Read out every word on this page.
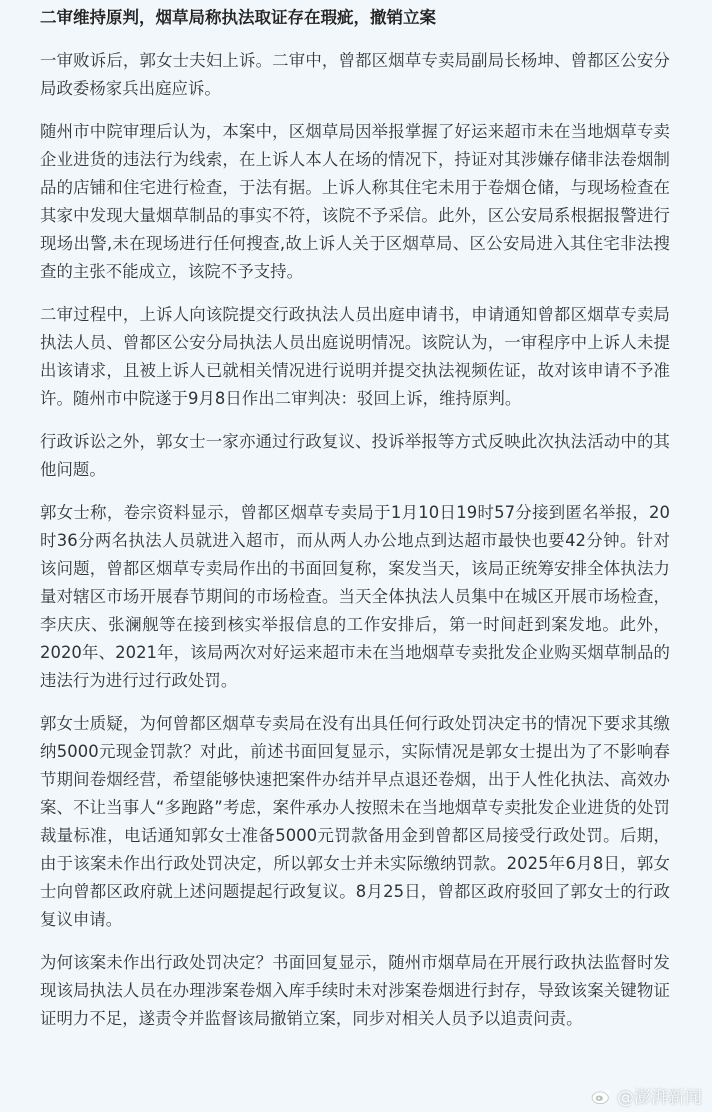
二审维持原判，烟草局称执法取证存在瑕疵，撤销立案

一审败诉后，郭女士夫妇上诉。二审中，曾都区烟草专卖局副局长杨坤、曾都区公安分局政委杨家兵出庭应诉。

随州市中院审理后认为，本案中，区烟草局因举报掌握了好运来超市未在当地烟草专卖企业进货的违法行为线索，在上诉人本人在场的情况下，持证对其涉嫌存储非法卷烟制品的店铺和住宅进行检查，于法有据。上诉人称其住宅未用于卷烟仓储，与现场检查在其家中发现大量烟草制品的事实不符，该院不予采信。此外，区公安局系根据报警进行现场出警,未在现场进行任何搜查,故上诉人关于区烟草局、区公安局进入其住宅非法搜查的主张不能成立，该院不予支持。

二审过程中，上诉人向该院提交行政执法人员出庭申请书，申请通知曾都区烟草专卖局执法人员、曾都区公安分局执法人员出庭说明情况。该院认为，一审程序中上诉人未提出该请求，且被上诉人已就相关情况进行说明并提交执法视频佐证，故对该申请不予准许。随州市中院遂于9月8日作出二审判决：驳回上诉，维持原判。

行政诉讼之外，郭女士一家亦通过行政复议、投诉举报等方式反映此次执法活动中的其他问题。

郭女士称，卷宗资料显示，曾都区烟草专卖局于1月10日19时57分接到匿名举报，20时36分两名执法人员就进入超市，而从两人办公地点到达超市最快也要42分钟。针对该问题，曾都区烟草专卖局作出的书面回复称，案发当天，该局正统筹安排全体执法力量对辖区市场开展春节期间的市场检查。当天全体执法人员集中在城区开展市场检查，李庆庆、张澜舰等在接到核实举报信息的工作安排后，第一时间赶到案发地。此外，2020年、2021年，该局两次对好运来超市未在当地烟草专卖批发企业购买烟草制品的违法行为进行过行政处罚。

郭女士质疑，为何曾都区烟草专卖局在没有出具任何行政处罚决定书的情况下要求其缴纳5000元现金罚款？对此，前述书面回复显示，实际情况是郭女士提出为了不影响春节期间卷烟经营，希望能够快速把案件办结并早点退还卷烟，出于人性化执法、高效办案、不让当事人“多跑路”考虑，案件承办人按照未在当地烟草专卖批发企业进货的处罚裁量标准，电话通知郭女士准备5000元罚款备用金到曾都区局接受行政处罚。后期，由于该案未作出行政处罚决定，所以郭女士并未实际缴纳罚款。2025年6月8日，郭女士向曾都区政府就上述问题提起行政复议。8月25日，曾都区政府驳回了郭女士的行政复议申请。

为何该案未作出行政处罚决定？书面回复显示，随州市烟草局在开展行政执法监督时发现该局执法人员在办理涉案卷烟入库手续时未对涉案卷烟进行封存，导致该案关键物证证明力不足，遂责令并监督该局撤销立案，同步对相关人员予以追责问责。

@澎湃新闻
